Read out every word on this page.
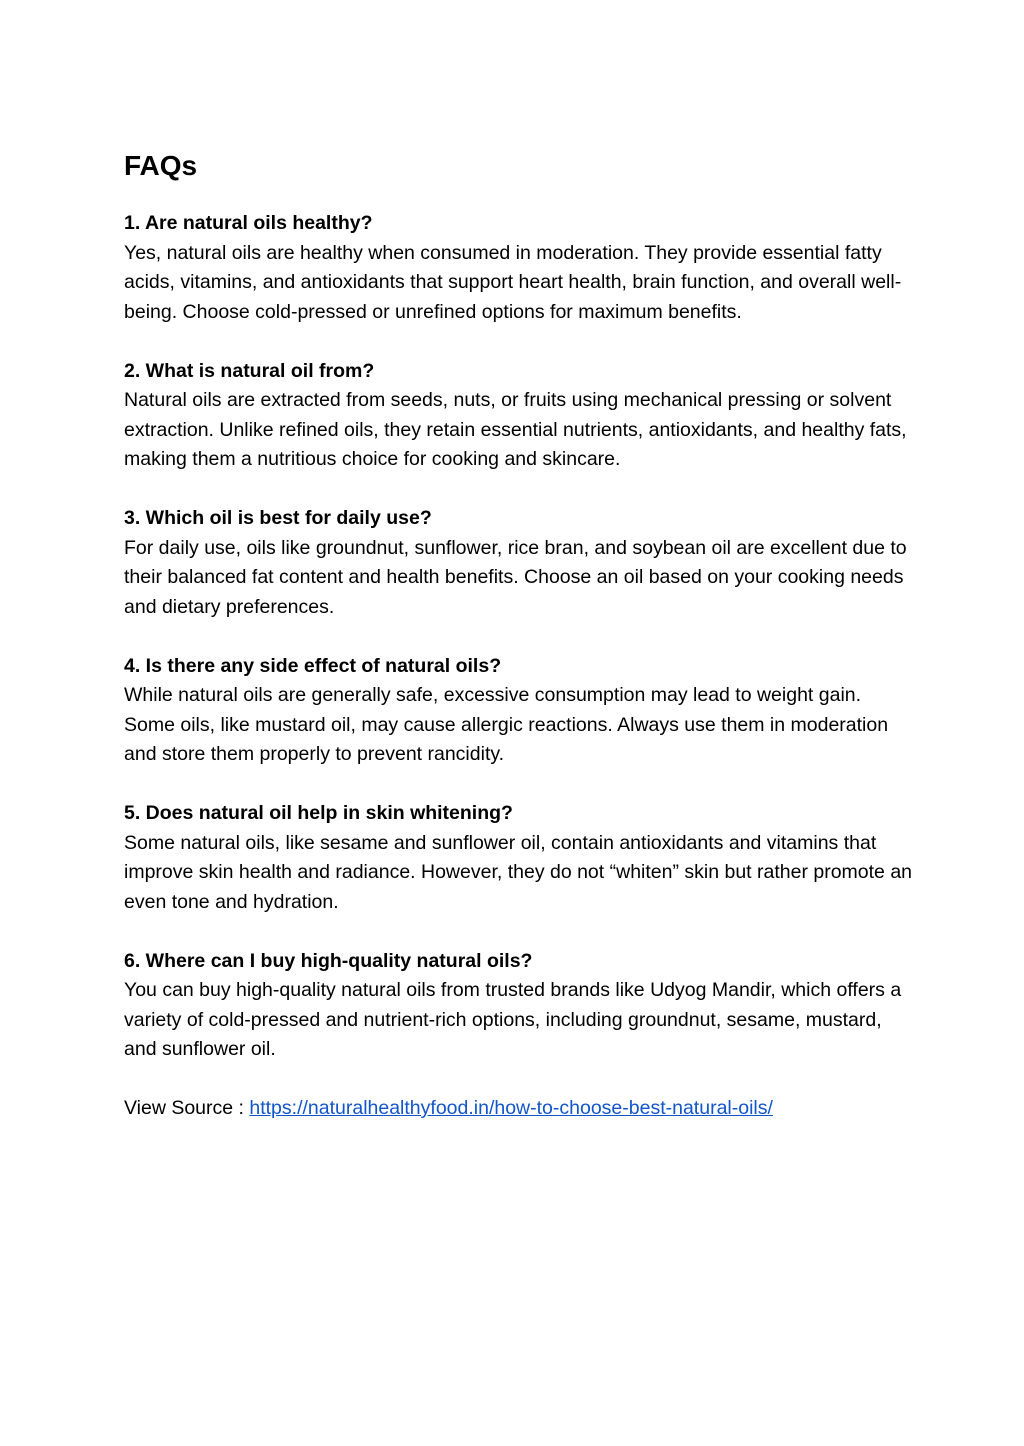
FAQs

1. Are natural oils healthy?

Yes, natural oils are healthy when consumed in moderation. They provide essential fatty acids, vitamins, and antioxidants that support heart health, brain function, and overall well-being. Choose cold-pressed or unrefined options for maximum benefits.

2. What is natural oil from?

Natural oils are extracted from seeds, nuts, or fruits using mechanical pressing or solvent extraction. Unlike refined oils, they retain essential nutrients, antioxidants, and healthy fats, making them a nutritious choice for cooking and skincare.

3. Which oil is best for daily use?

For daily use, oils like groundnut, sunflower, rice bran, and soybean oil are excellent due to their balanced fat content and health benefits. Choose an oil based on your cooking needs and dietary preferences.

4. Is there any side effect of natural oils?

While natural oils are generally safe, excessive consumption may lead to weight gain. Some oils, like mustard oil, may cause allergic reactions. Always use them in moderation and store them properly to prevent rancidity.

5. Does natural oil help in skin whitening?

Some natural oils, like sesame and sunflower oil, contain antioxidants and vitamins that improve skin health and radiance. However, they do not “whiten” skin but rather promote an even tone and hydration.

6. Where can I buy high-quality natural oils?

You can buy high-quality natural oils from trusted brands like Udyog Mandir, which offers a variety of cold-pressed and nutrient-rich options, including groundnut, sesame, mustard, and sunflower oil.

View Source : https://naturalhealthyfood.in/how-to-choose-best-natural-oils/
